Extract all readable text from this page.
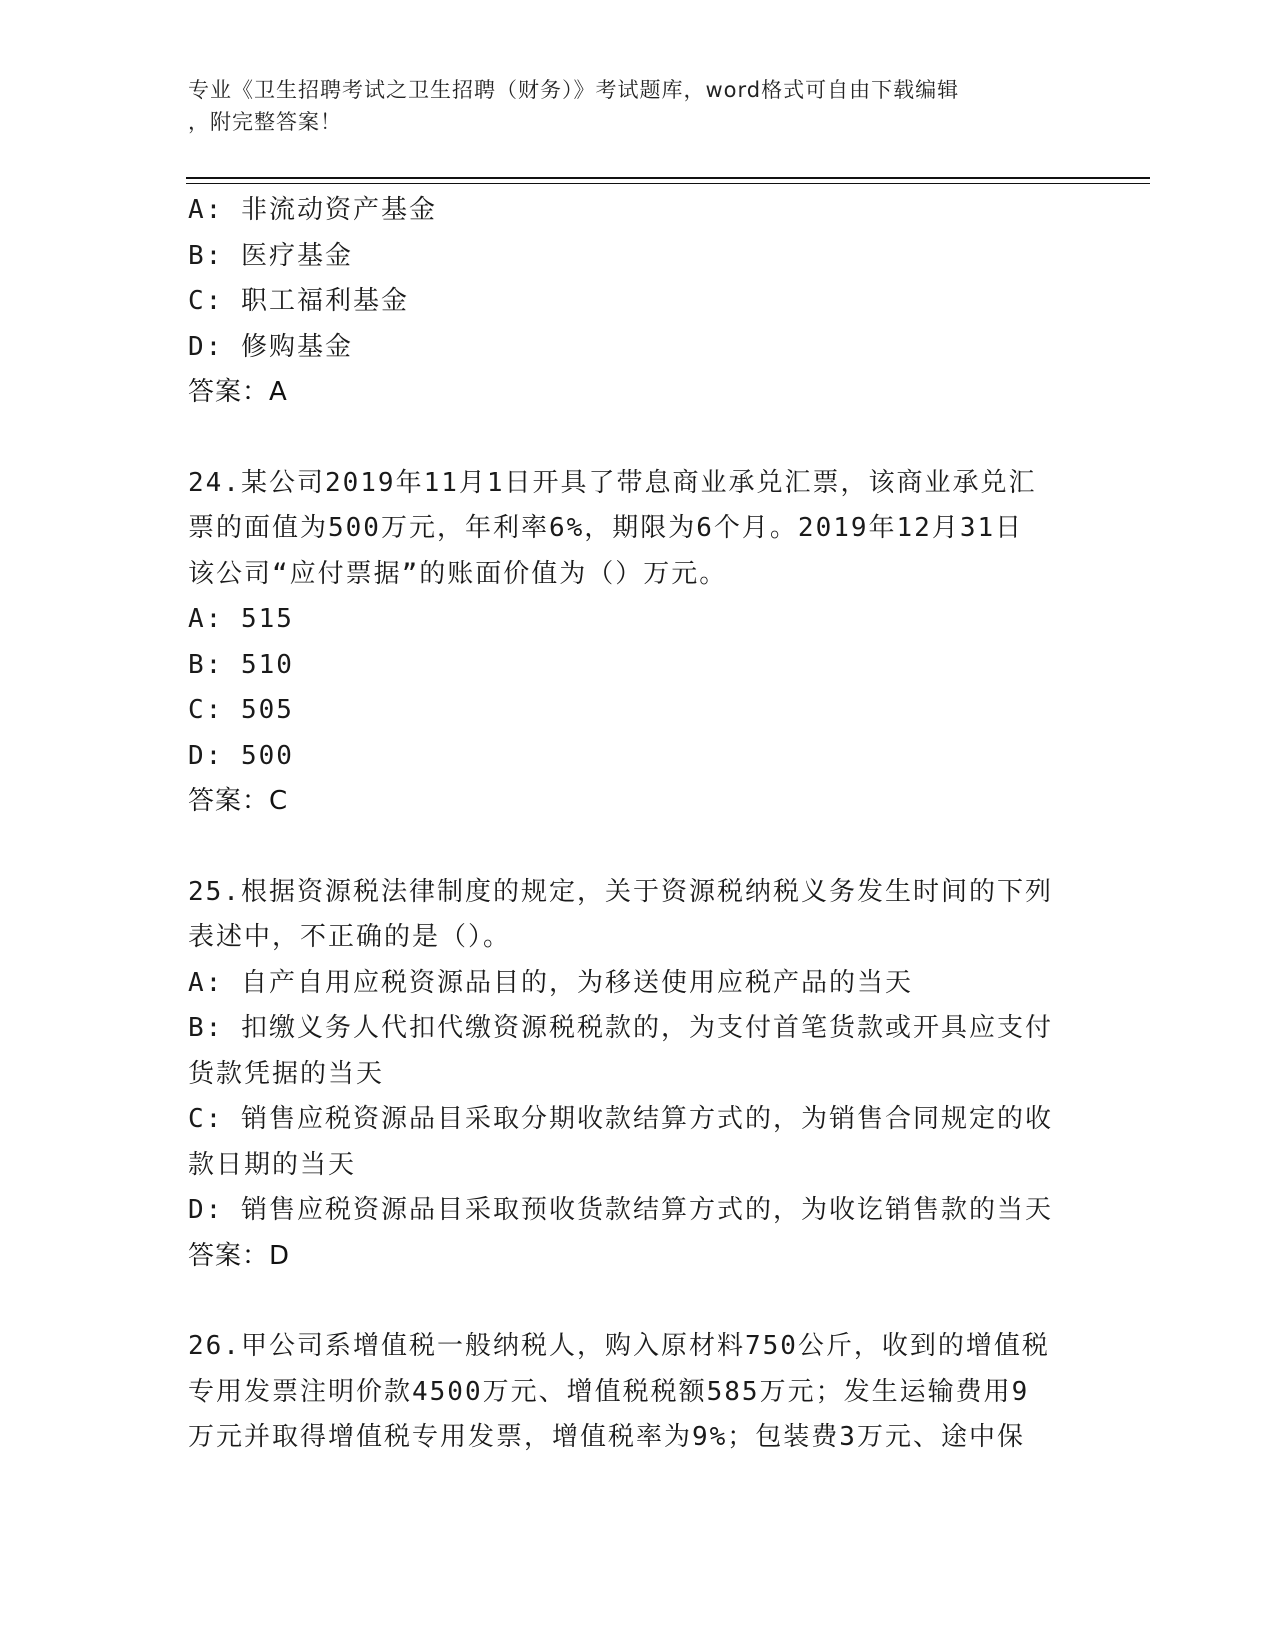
专业《卫生招聘考试之卫生招聘（财务）》考试题库，word格式可自由下载编辑
，附完整答案！
A: 非流动资产基金
B: 医疗基金
C: 职工福利基金
D: 修购基金
答案：A
24.某公司2019年11月1日开具了带息商业承兑汇票，该商业承兑汇
票的面值为500万元，年利率6%，期限为6个月。2019年12月31日
该公司“应付票据”的账面价值为（）万元。
A: 515
B: 510
C: 505
D: 500
答案：C
25.根据资源税法律制度的规定，关于资源税纳税义务发生时间的下列
表述中，不正确的是（）。
A: 自产自用应税资源品目的，为移送使用应税产品的当天
B: 扣缴义务人代扣代缴资源税税款的，为支付首笔货款或开具应支付
货款凭据的当天
C: 销售应税资源品目采取分期收款结算方式的，为销售合同规定的收
款日期的当天
D: 销售应税资源品目采取预收货款结算方式的，为收讫销售款的当天
答案：D
26.甲公司系增值税一般纳税人，购入原材料750公斤，收到的增值税
专用发票注明价款4500万元、增值税税额585万元；发生运输费用9
万元并取得增值税专用发票，增值税率为9%；包装费3万元、途中保
